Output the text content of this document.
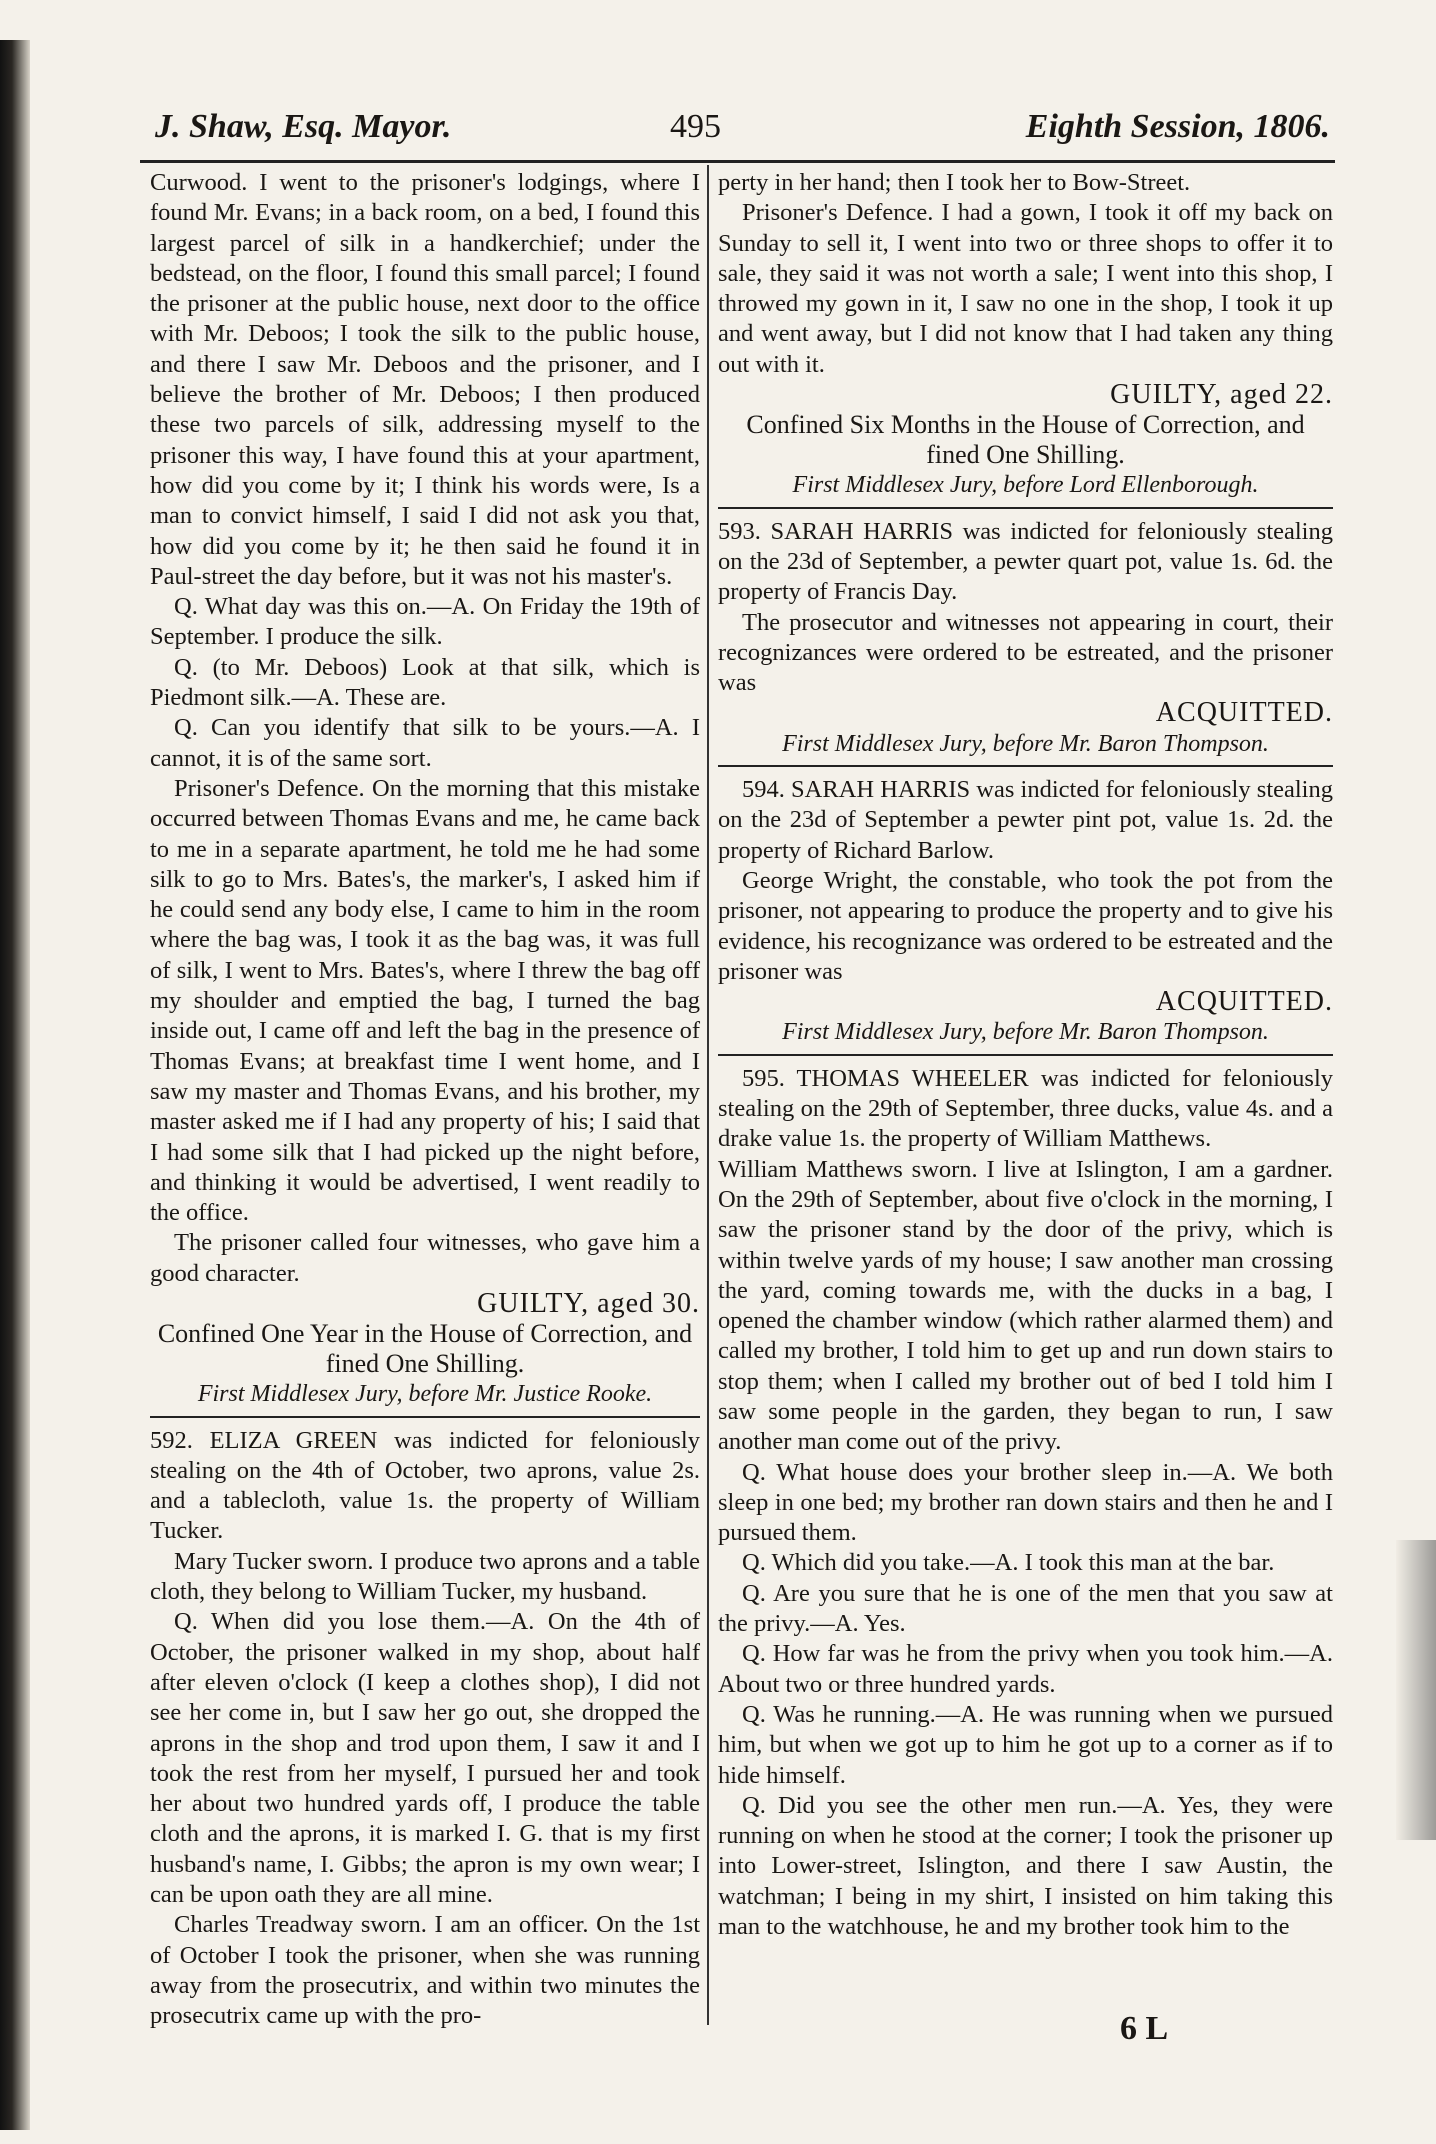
J. Shaw, Esq. Mayor.	495	Eighth Session, 1806.

Curwood. I went to the prisoner's lodgings, where I found Mr. Evans; in a back room, on a bed, I found this largest parcel of silk in a handkerchief; under the bedstead, on the floor, I found this small parcel; I found the prisoner at the public house, next door to the office with Mr. Deboos; I took the silk to the public house, and there I saw Mr. Deboos and the prisoner, and I believe the brother of Mr. Deboos; I then produced these two parcels of silk, addressing myself to the prisoner this way, I have found this at your apartment, how did you come by it; I think his words were, Is a man to convict himself, I said I did not ask you that, how did you come by it; he then said he found it in Paul-street the day before, but it was not his master's.

Q. What day was this on.—A. On Friday the 19th of September. I produce the silk.

Q. (to Mr. Deboos) Look at that silk, which is Piedmont silk.—A. These are.

Q. Can you identify that silk to be yours.—A. I cannot, it is of the same sort.

Prisoner's Defence. On the morning that this mistake occurred between Thomas Evans and me, he came back to me in a separate apartment, he told me he had some silk to go to Mrs. Bates's, the marker's, I asked him if he could send any body else, I came to him in the room where the bag was, I took it as the bag was, it was full of silk, I went to Mrs. Bates's, where I threw the bag off my shoulder and emptied the bag, I turned the bag inside out, I came off and left the bag in the presence of Thomas Evans; at breakfast time I went home, and I saw my master and Thomas Evans, and his brother, my master asked me if I had any property of his; I said that I had some silk that I had picked up the night before, and thinking it would be advertised, I went readily to the office.

The prisoner called four witnesses, who gave him a good character.

GUILTY, aged 30.

Confined One Year in the House of Correction, and fined One Shilling.

First Middlesex Jury, before Mr. Justice Rooke.

592. ELIZA GREEN was indicted for feloniously stealing on the 4th of October, two aprons, value 2s. and a tablecloth, value 1s. the property of William Tucker.

Mary Tucker sworn. I produce two aprons and a table cloth, they belong to William Tucker, my husband.

Q. When did you lose them.—A. On the 4th of October, the prisoner walked in my shop, about half after eleven o'clock (I keep a clothes shop), I did not see her come in, but I saw her go out, she dropped the aprons in the shop and trod upon them, I saw it and I took the rest from her myself, I pursued her and took her about two hundred yards off, I produce the table cloth and the aprons, it is marked I. G. that is my first husband's name, I. Gibbs; the apron is my own wear; I can be upon oath they are all mine.

Charles Treadway sworn. I am an officer. On the 1st of October I took the prisoner, when she was running away from the prosecutrix, and within two minutes the prosecutrix came up with the pro-

perty in her hand; then I took her to Bow-Street.

Prisoner's Defence. I had a gown, I took it off my back on Sunday to sell it, I went into two or three shops to offer it to sale, they said it was not worth a sale; I went into this shop, I throwed my gown in it, I saw no one in the shop, I took it up and went away, but I did not know that I had taken any thing out with it.

GUILTY, aged 22.

Confined Six Months in the House of Correction, and fined One Shilling.

First Middlesex Jury, before Lord Ellenborough.

593. SARAH HARRIS was indicted for feloniously stealing on the 23d of September, a pewter quart pot, value 1s. 6d. the property of Francis Day.

The prosecutor and witnesses not appearing in court, their recognizances were ordered to be estreated, and the prisoner was

ACQUITTED.

First Middlesex Jury, before Mr. Baron Thompson.

594. SARAH HARRIS was indicted for feloniously stealing on the 23d of September a pewter pint pot, value 1s. 2d. the property of Richard Barlow.

George Wright, the constable, who took the pot from the prisoner, not appearing to produce the property and to give his evidence, his recognizance was ordered to be estreated and the prisoner was

ACQUITTED.

First Middlesex Jury, before Mr. Baron Thompson.

595. THOMAS WHEELER was indicted for feloniously stealing on the 29th of September, three ducks, value 4s. and a drake value 1s. the property of William Matthews.

William Matthews sworn. I live at Islington, I am a gardner. On the 29th of September, about five o'clock in the morning, I saw the prisoner stand by the door of the privy, which is within twelve yards of my house; I saw another man crossing the yard, coming towards me, with the ducks in a bag, I opened the chamber window (which rather alarmed them) and called my brother, I told him to get up and run down stairs to stop them; when I called my brother out of bed I told him I saw some people in the garden, they began to run, I saw another man come out of the privy.

Q. What house does your brother sleep in.—A. We both sleep in one bed; my brother ran down stairs and then he and I pursued them.

Q. Which did you take.—A. I took this man at the bar.

Q. Are you sure that he is one of the men that you saw at the privy.—A. Yes.

Q. How far was he from the privy when you took him.—A. About two or three hundred yards.

Q. Was he running.—A. He was running when we pursued him, but when we got up to him he got up to a corner as if to hide himself.

Q. Did you see the other men run.—A. Yes, they were running on when he stood at the corner; I took the prisoner up into Lower-street, Islington, and there I saw Austin, the watchman; I being in my shirt, I insisted on him taking this man to the watchhouse, he and my brother took him to the

6 L
